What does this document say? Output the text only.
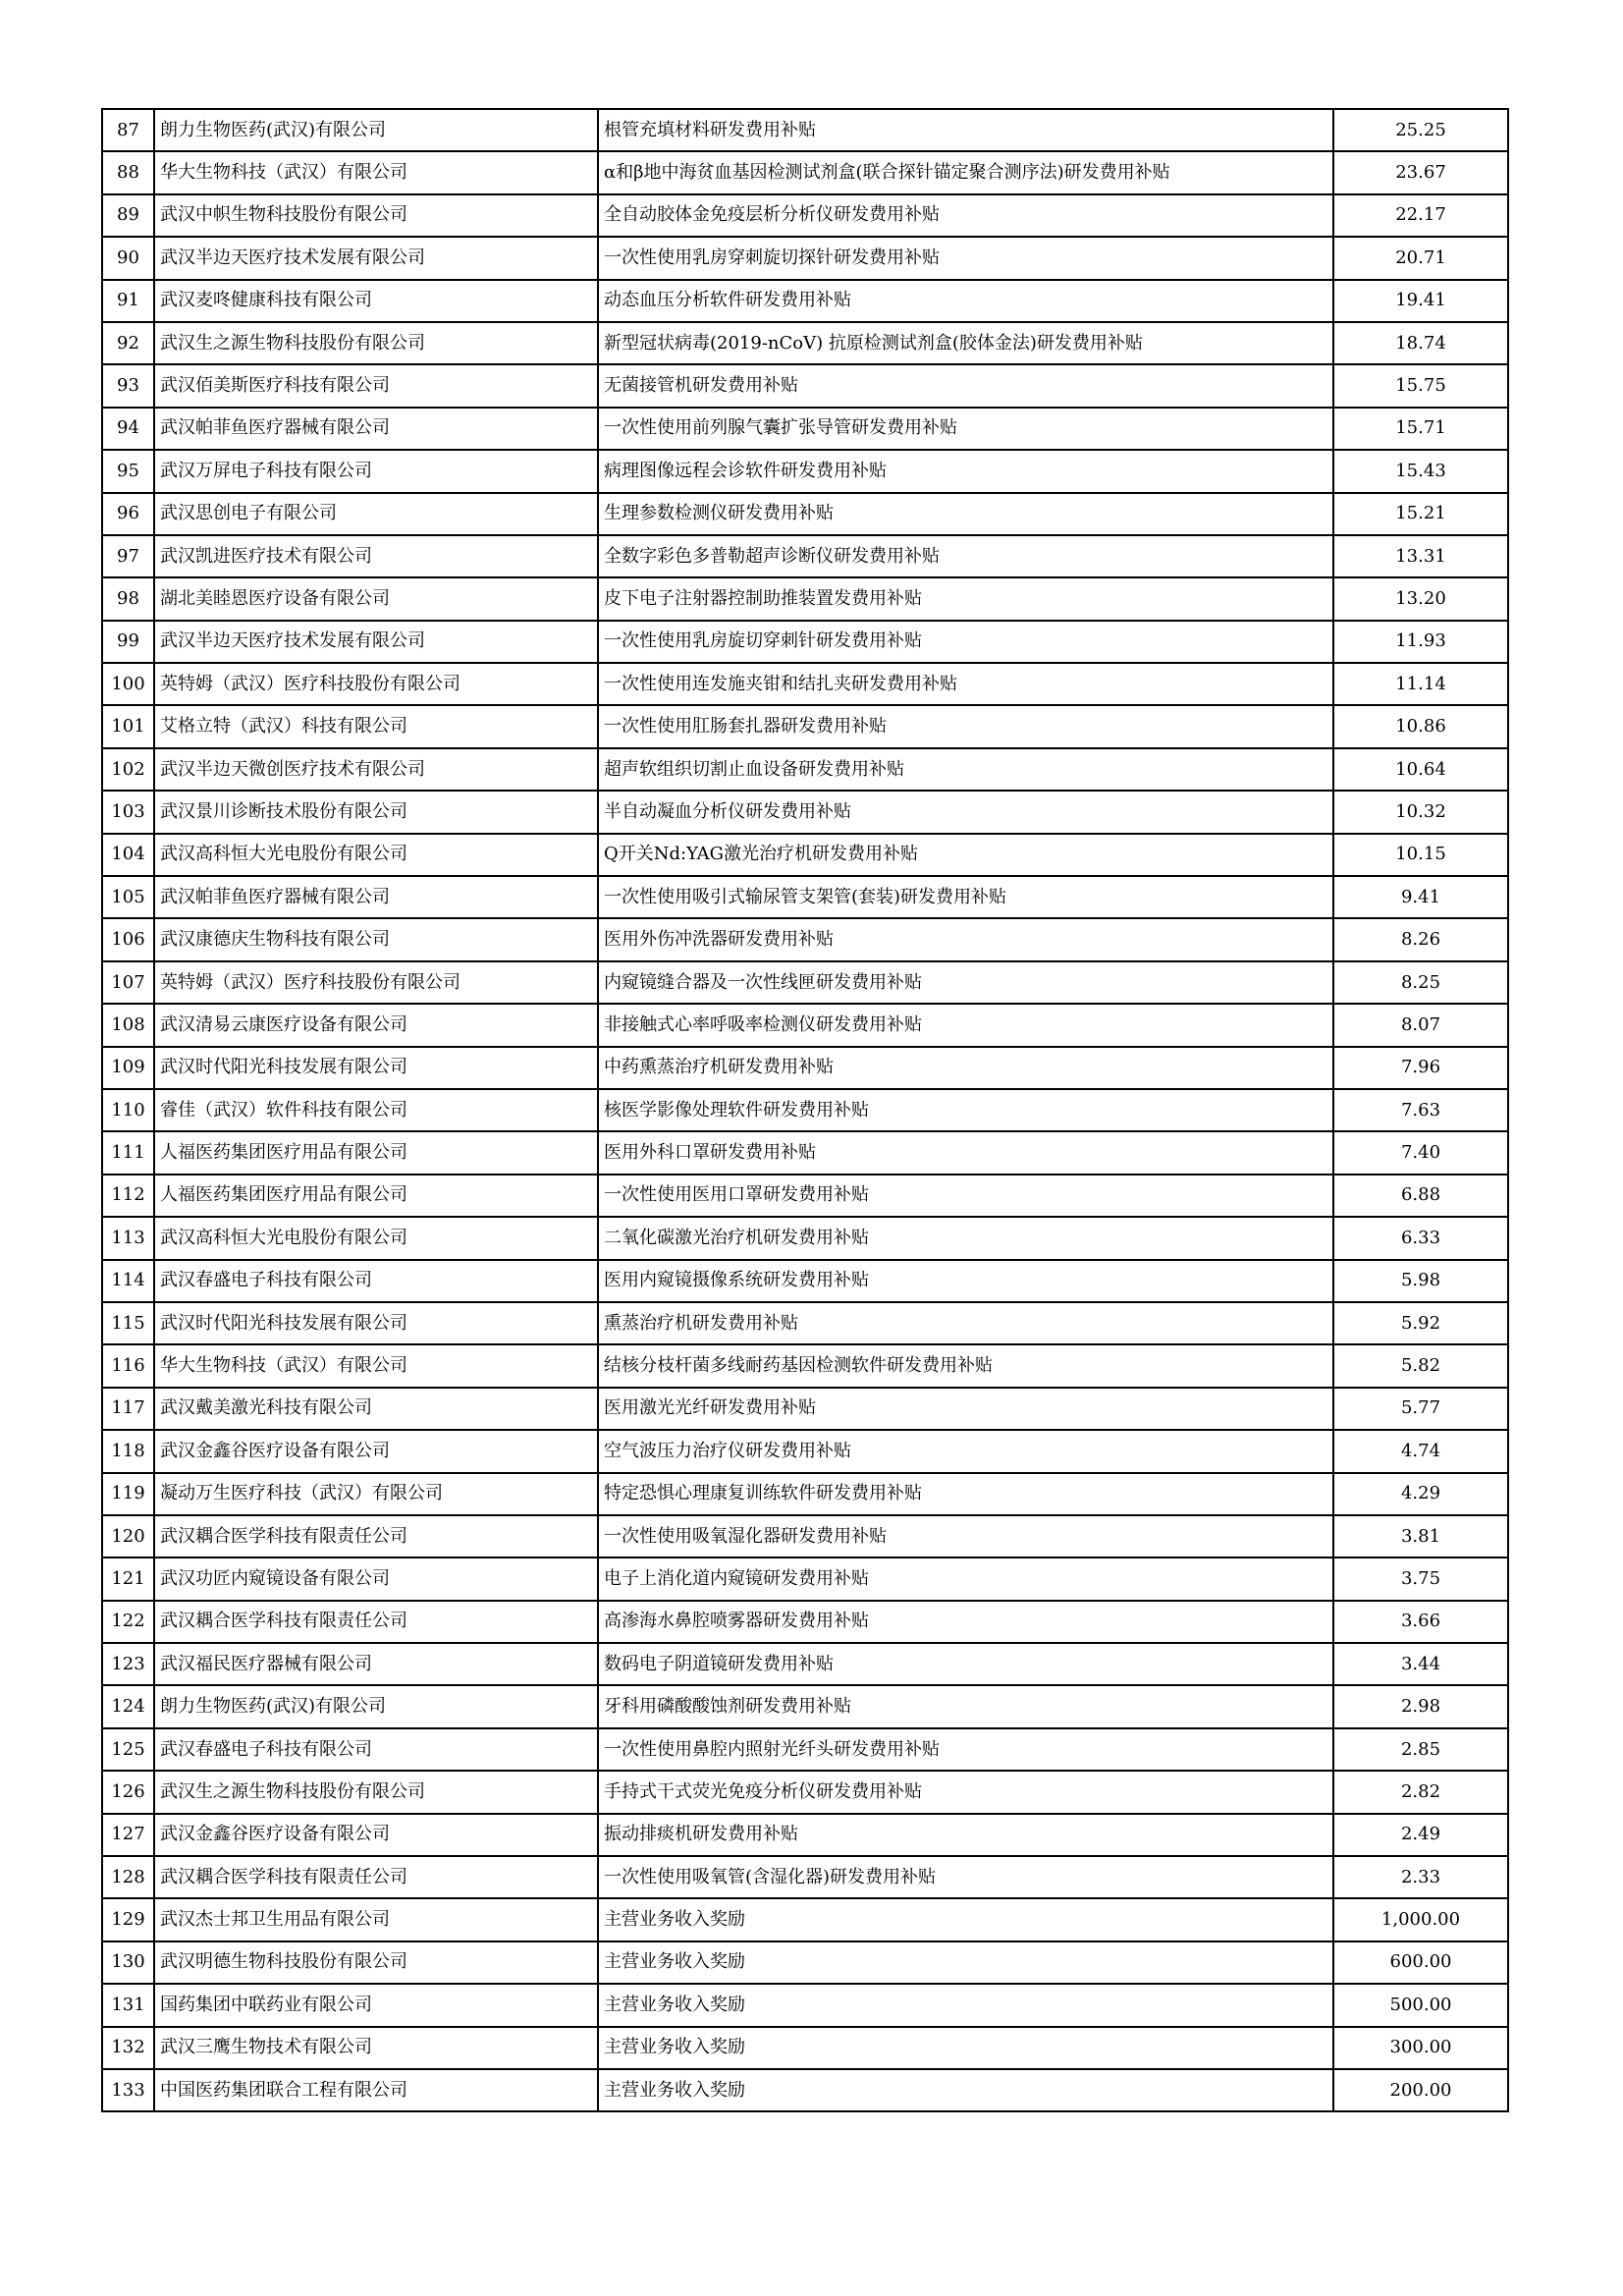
87	朗力生物医药(武汉)有限公司	根管充填材料研发费用补贴	25.25
88	华大生物科技（武汉）有限公司	α和β地中海贫血基因检测试剂盒(联合探针锚定聚合测序法)研发费用补贴	23.67
89	武汉中帜生物科技股份有限公司	全自动胶体金免疫层析分析仪研发费用补贴	22.17
90	武汉半边天医疗技术发展有限公司	一次性使用乳房穿刺旋切探针研发费用补贴	20.71
91	武汉麦咚健康科技有限公司	动态血压分析软件研发费用补贴	19.41
92	武汉生之源生物科技股份有限公司	新型冠状病毒(2019-nCoV) 抗原检测试剂盒(胶体金法)研发费用补贴	18.74
93	武汉佰美斯医疗科技有限公司	无菌接管机研发费用补贴	15.75
94	武汉帕菲鱼医疗器械有限公司	一次性使用前列腺气囊扩张导管研发费用补贴	15.71
95	武汉万屏电子科技有限公司	病理图像远程会诊软件研发费用补贴	15.43
96	武汉思创电子有限公司	生理参数检测仪研发费用补贴	15.21
97	武汉凯进医疗技术有限公司	全数字彩色多普勒超声诊断仪研发费用补贴	13.31
98	湖北美睦恩医疗设备有限公司	皮下电子注射器控制助推装置发费用补贴	13.20
99	武汉半边天医疗技术发展有限公司	一次性使用乳房旋切穿刺针研发费用补贴	11.93
100	英特姆（武汉）医疗科技股份有限公司	一次性使用连发施夹钳和结扎夹研发费用补贴	11.14
101	艾格立特（武汉）科技有限公司	一次性使用肛肠套扎器研发费用补贴	10.86
102	武汉半边天微创医疗技术有限公司	超声软组织切割止血设备研发费用补贴	10.64
103	武汉景川诊断技术股份有限公司	半自动凝血分析仪研发费用补贴	10.32
104	武汉高科恒大光电股份有限公司	Q开关Nd:YAG激光治疗机研发费用补贴	10.15
105	武汉帕菲鱼医疗器械有限公司	一次性使用吸引式输尿管支架管(套装)研发费用补贴	9.41
106	武汉康德庆生物科技有限公司	医用外伤冲洗器研发费用补贴	8.26
107	英特姆（武汉）医疗科技股份有限公司	内窥镜缝合器及一次性线匣研发费用补贴	8.25
108	武汉清易云康医疗设备有限公司	非接触式心率呼吸率检测仪研发费用补贴	8.07
109	武汉时代阳光科技发展有限公司	中药熏蒸治疗机研发费用补贴	7.96
110	睿佳（武汉）软件科技有限公司	核医学影像处理软件研发费用补贴	7.63
111	人福医药集团医疗用品有限公司	医用外科口罩研发费用补贴	7.40
112	人福医药集团医疗用品有限公司	一次性使用医用口罩研发费用补贴	6.88
113	武汉高科恒大光电股份有限公司	二氧化碳激光治疗机研发费用补贴	6.33
114	武汉春盛电子科技有限公司	医用内窥镜摄像系统研发费用补贴	5.98
115	武汉时代阳光科技发展有限公司	熏蒸治疗机研发费用补贴	5.92
116	华大生物科技（武汉）有限公司	结核分枝杆菌多线耐药基因检测软件研发费用补贴	5.82
117	武汉戴美激光科技有限公司	医用激光光纤研发费用补贴	5.77
118	武汉金鑫谷医疗设备有限公司	空气波压力治疗仪研发费用补贴	4.74
119	凝动万生医疗科技（武汉）有限公司	特定恐惧心理康复训练软件研发费用补贴	4.29
120	武汉耦合医学科技有限责任公司	一次性使用吸氧湿化器研发费用补贴	3.81
121	武汉功匠内窥镜设备有限公司	电子上消化道内窥镜研发费用补贴	3.75
122	武汉耦合医学科技有限责任公司	高渗海水鼻腔喷雾器研发费用补贴	3.66
123	武汉福民医疗器械有限公司	数码电子阴道镜研发费用补贴	3.44
124	朗力生物医药(武汉)有限公司	牙科用磷酸酸蚀剂研发费用补贴	2.98
125	武汉春盛电子科技有限公司	一次性使用鼻腔内照射光纤头研发费用补贴	2.85
126	武汉生之源生物科技股份有限公司	手持式干式荧光免疫分析仪研发费用补贴	2.82
127	武汉金鑫谷医疗设备有限公司	振动排痰机研发费用补贴	2.49
128	武汉耦合医学科技有限责任公司	一次性使用吸氧管(含湿化器)研发费用补贴	2.33
129	武汉杰士邦卫生用品有限公司	主营业务收入奖励	1,000.00
130	武汉明德生物科技股份有限公司	主营业务收入奖励	600.00
131	国药集团中联药业有限公司	主营业务收入奖励	500.00
132	武汉三鹰生物技术有限公司	主营业务收入奖励	300.00
133	中国医药集团联合工程有限公司	主营业务收入奖励	200.00
